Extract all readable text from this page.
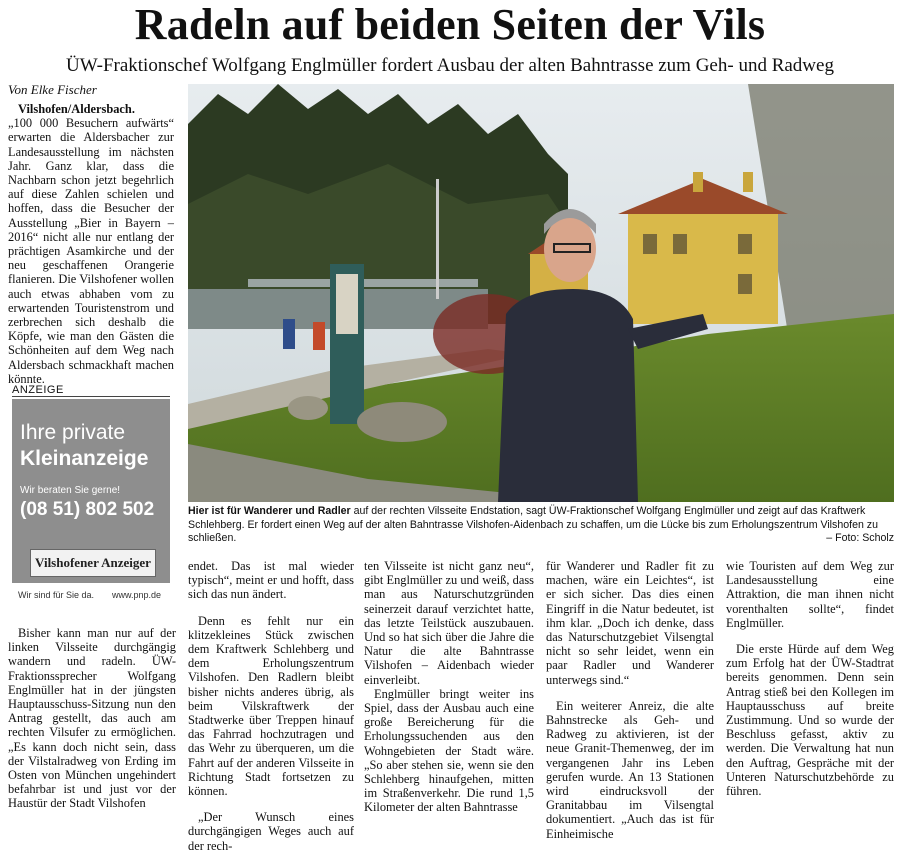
Radeln auf beiden Seiten der Vils
ÜW-Fraktionschef Wolfgang Englmüller fordert Ausbau der alten Bahntrasse zum Geh- und Radweg
Von Elke Fischer
Vilshofen/Aldersbach.
„100 000 Besuchern aufwärts“ erwarten die Aldersbacher zur Landesausstellung im nächsten Jahr. Ganz klar, dass die Nachbarn schon jetzt begehrlich auf diese Zahlen schielen und hoffen, dass die Besucher der Ausstellung „Bier in Bayern – 2016“ nicht alle nur entlang der prächtigen Asamkirche und der neu geschaffenen Orangerie flanieren. Die Vilshofener wollen auch etwas abhaben vom zu erwartenden Touristenstrom und zerbrechen sich deshalb die Köpfe, wie man den Gästen die Schönheiten auf dem Weg nach Aldersbach schmackhaft machen könnte.
ANZEIGE
Ihre private
Kleinanzeige
Wir beraten Sie gerne!
(08 51) 802 502
Vilshofener Anzeiger
Wir sind für Sie da. www.pnp.de

Bisher kann man nur auf der linken Vilsseite durchgängig wandern und radeln. ÜW-Fraktionssprecher Wolfgang Englmüller hat in der jüngsten Hauptausschuss-Sitzung nun den Antrag gestellt, das auch am rechten Vilsufer zu ermöglichen. „Es kann doch nicht sein, dass der Vilstalradweg von Erding im Osten von München ungehindert befahrbar ist und just vor der Haustür der Stadt Vilshofen

Hier ist für Wanderer und Radler auf der rechten Vilsseite Endstation, sagt ÜW-Fraktionschef Wolfgang Englmüller und zeigt auf das Kraftwerk Schlehberg. Er fordert einen Weg auf der alten Bahntrasse Vilshofen-Aidenbach zu schaffen, um die Lücke bis zum Erholungszentrum Vilshofen zu schließen.	– Foto: Scholz

endet. Das ist mal wieder typisch“, meint er und hofft, dass sich das nun ändert.

Denn es fehlt nur ein klitzekleines Stück zwischen dem Kraftwerk Schlehberg und dem Erholungszentrum Vilshofen. Den Radlern bleibt bisher nichts anderes übrig, als beim Vilskraftwerk der Stadtwerke über Treppen hinauf das Fahrrad hochzutragen und das Wehr zu überqueren, um die Fahrt auf der anderen Vilsseite in Richtung Stadt fortsetzen zu können.

„Der Wunsch eines durchgängigen Weges auch auf der rech-

ten Vilsseite ist nicht ganz neu“, gibt Englmüller zu und weiß, dass man aus Naturschutzgründen seinerzeit darauf verzichtet hatte, das letzte Teilstück auszubauen. Und so hat sich über die Jahre die Natur die alte Bahntrasse Vilshofen – Aidenbach wieder einverleibt.

Englmüller bringt weiter ins Spiel, dass der Ausbau auch eine große Bereicherung für die Erholungssuchenden aus den Wohngebieten der Stadt wäre. „So aber stehen sie, wenn sie den Schlehberg hinaufgehen, mitten im Straßenverkehr. Die rund 1,5 Kilometer der alten Bahntrasse

für Wanderer und Radler fit zu machen, wäre ein Leichtes“, ist er sich sicher. Das dies einen Eingriff in die Natur bedeutet, ist ihm klar. „Doch ich denke, dass das Naturschutzgebiet Vilsengtal nicht so sehr leidet, wenn ein paar Radler und Wanderer unterwegs sind.“

Ein weiterer Anreiz, die alte Bahnstrecke als Geh- und Radweg zu aktivieren, ist der neue Granit-Themenweg, der im vergangenen Jahr ins Leben gerufen wurde. An 13 Stationen wird eindrucksvoll der Granitabbau im Vilsengtal dokumentiert. „Auch das ist für Einheimische

wie Touristen auf dem Weg zur Landesausstellung eine Attraktion, die man ihnen nicht vorenthalten sollte“, findet Englmüller.

Die erste Hürde auf dem Weg zum Erfolg hat der ÜW-Stadtrat bereits genommen. Denn sein Antrag stieß bei den Kollegen im Hauptausschuss auf breite Zustimmung. Und so wurde der Beschluss gefasst, aktiv zu werden. Die Verwaltung hat nun den Auftrag, Gespräche mit der Unteren Naturschutzbehörde zu führen.
